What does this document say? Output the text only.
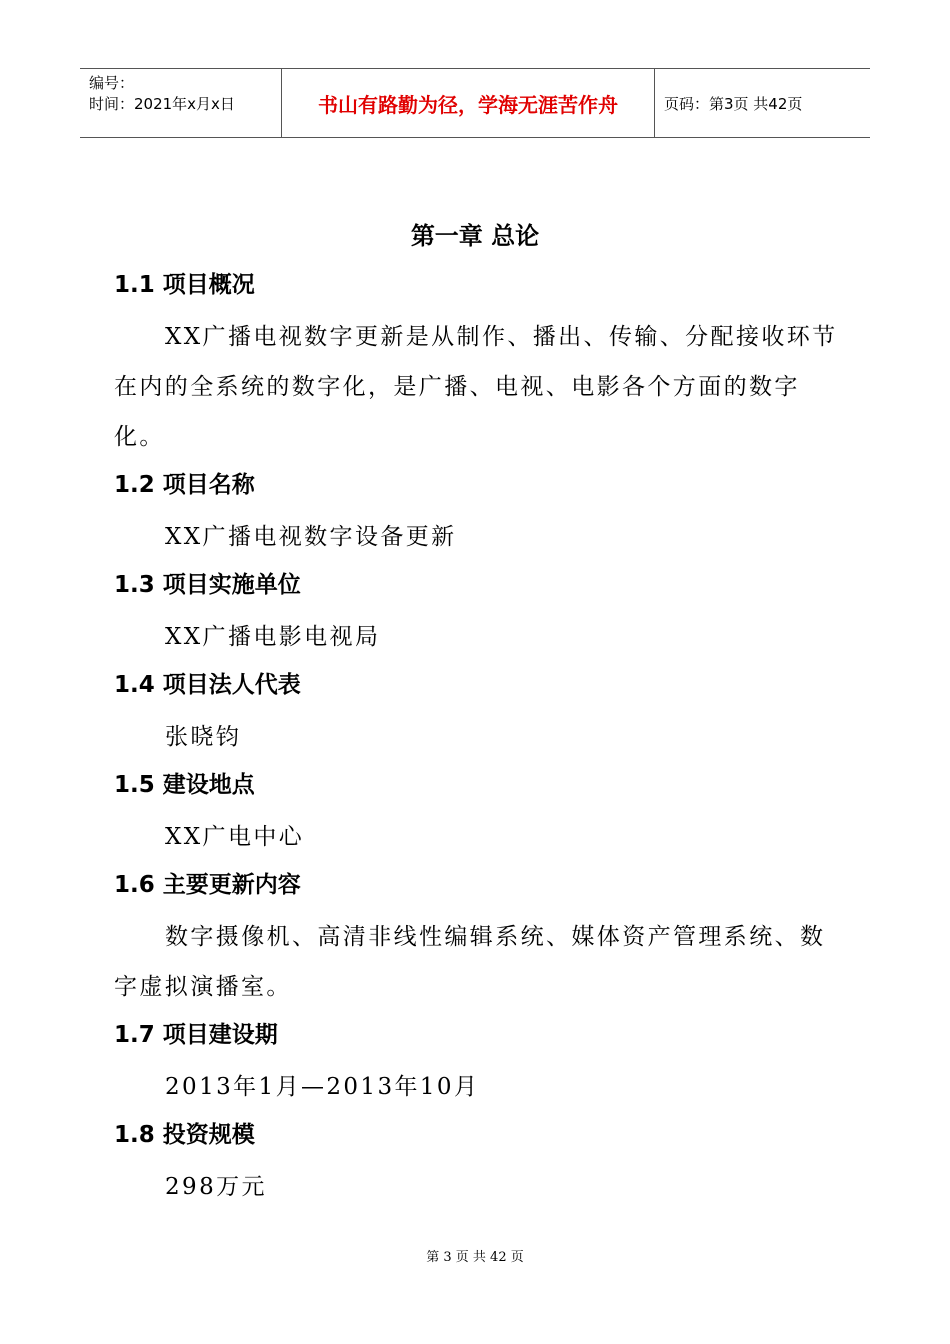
编号：
时间：2021年x月x日	书山有路勤为径，学海无涯苦作舟	页码：第3页 共42页
第一章 总论
1.1 项目概况

XX广播电视数字更新是从制作、播出、传输、分配接收环节在内的全系统的数字化，是广播、电视、电影各个方面的数字化。

1.2 项目名称

XX广播电视数字设备更新

1.3 项目实施单位

XX广播电影电视局

1.4 项目法人代表

张晓钧

1.5 建设地点

XX广电中心

1.6 主要更新内容

数字摄像机、高清非线性编辑系统、媒体资产管理系统、数字虚拟演播室。

1.7 项目建设期

2013年1月—2013年10月

1.8 投资规模

298万元

第 3 页 共 42 页
